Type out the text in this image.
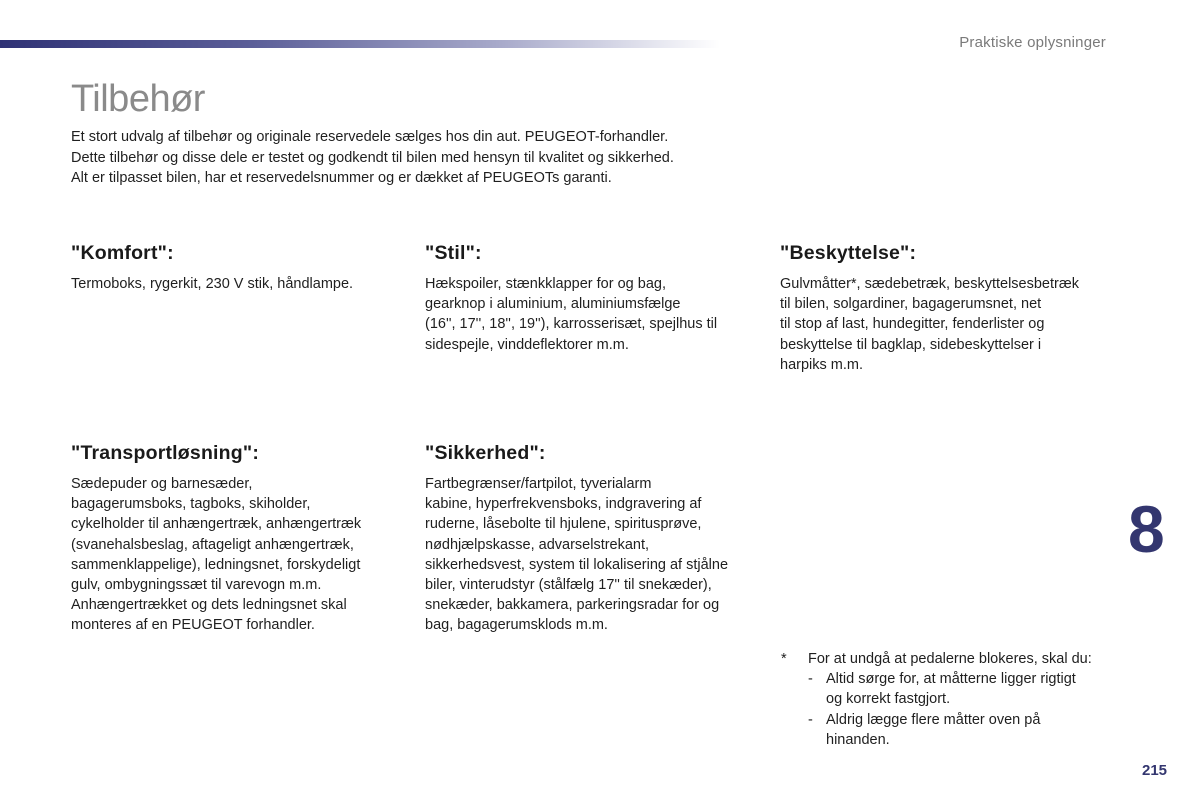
Praktiske oplysninger
Tilbehør

Et stort udvalg af tilbehør og originale reservedele sælges hos din aut. PEUGEOT-forhandler.

Dette tilbehør og disse dele er testet og godkendt til bilen med hensyn til kvalitet og sikkerhed.

Alt er tilpasset bilen, har et reservedelsnummer og er dækket af PEUGEOTs garanti.

"Komfort":

Termoboks, rygerkit, 230 V stik, håndlampe.

"Stil":

Hækspoiler, stænkklapper for og bag,

gearknop i aluminium, aluminiumsfælge

(16'', 17'', 18'', 19''), karrosserisæt, spejlhus til

sidespejle, vinddeflektorer m.m.

"Beskyttelse":

Gulvmåtter*, sædebetræk, beskyttelsesbetræk

til bilen, solgardiner, bagagerumsnet, net

til stop af last, hundegitter, fenderlister og

beskyttelse til bagklap, sidebeskyttelser i

harpiks m.m.

"Transportløsning":

Sædepuder og barnesæder,

bagagerumsboks, tagboks, skiholder,

cykelholder til anhængertræk, anhængertræk

(svanehalsbeslag, aftageligt anhængertræk,

sammenklappelige), ledningsnet, forskydeligt

gulv, ombygningssæt til varevogn m.m.

Anhængertrækket og dets ledningsnet skal

monteres af en PEUGEOT forhandler.

"Sikkerhed":

Fartbegrænser/fartpilot, tyverialarm

kabine, hyperfrekvensboks, indgravering af

ruderne, låsebolte til hjulene, spiritusprøve,

nødhjælpskasse, advarselstrekant,

sikkerhedsvest, system til lokalisering af stjålne

biler, vinterudstyr (stålfælg 17'' til snekæder),

snekæder, bakkamera, parkeringsradar for og

bag, bagagerumsklods m.m.

8
* For at undgå at pedalerne blokeres, skal du:
- Altid sørge for, at måtterne ligger rigtigt
og korrekt fastgjort.
- Aldrig lægge flere måtter oven på
hinanden.
215
